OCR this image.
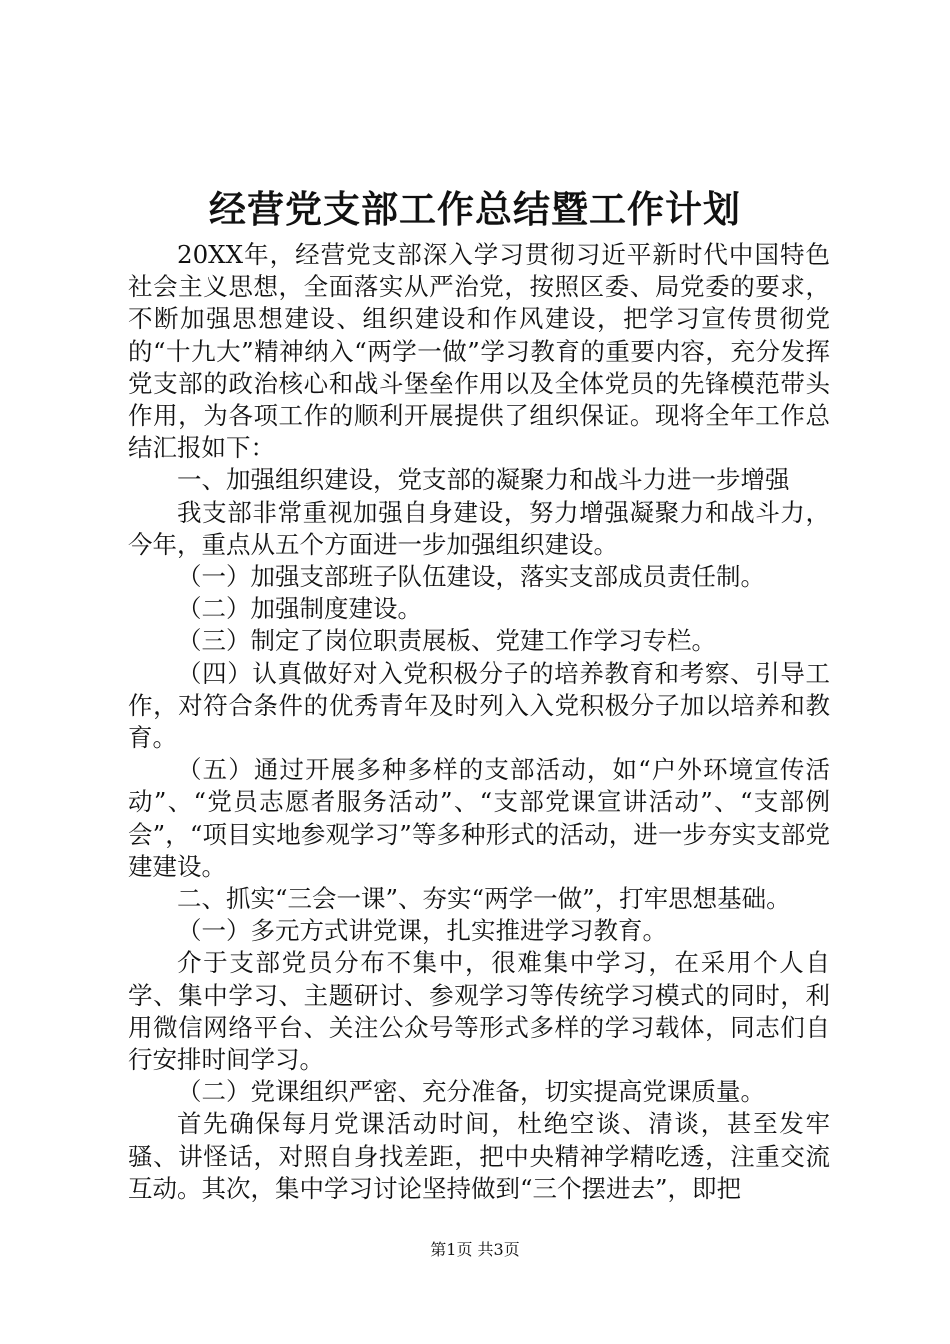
经营党支部工作总结暨工作计划

20XX年，经营党支部深入学习贯彻习近平新时代中国特色社会主义思想，全面落实从严治党，按照区委、局党委的要求，不断加强思想建设、组织建设和作风建设，把学习宣传贯彻党的“十九大”精神纳入“两学一做”学习教育的重要内容，充分发挥党支部的政治核心和战斗堡垒作用以及全体党员的先锋模范带头作用，为各项工作的顺利开展提供了组织保证。现将全年工作总结汇报如下：

一、加强组织建设，党支部的凝聚力和战斗力进一步增强

我支部非常重视加强自身建设，努力增强凝聚力和战斗力，今年，重点从五个方面进一步加强组织建设。

（一）加强支部班子队伍建设，落实支部成员责任制。

（二）加强制度建设。

（三）制定了岗位职责展板、党建工作学习专栏。

（四）认真做好对入党积极分子的培养教育和考察、引导工作，对符合条件的优秀青年及时列入入党积极分子加以培养和教育。

（五）通过开展多种多样的支部活动，如“户外环境宣传活动”、“党员志愿者服务活动”、“支部党课宣讲活动”、“支部例会”，“项目实地参观学习”等多种形式的活动，进一步夯实支部党建建设。

二、抓实“三会一课”、夯实“两学一做”，打牢思想基础。

（一）多元方式讲党课，扎实推进学习教育。

介于支部党员分布不集中，很难集中学习，在采用个人自学、集中学习、主题研讨、参观学习等传统学习模式的同时，利用微信网络平台、关注公众号等形式多样的学习载体，同志们自行安排时间学习。

（二）党课组织严密、充分准备，切实提高党课质量。

首先确保每月党课活动时间，杜绝空谈、清谈，甚至发牢骚、讲怪话，对照自身找差距，把中央精神学精吃透，注重交流互动。其次，集中学习讨论坚持做到“三个摆进去”，即把

第1页 共3页
